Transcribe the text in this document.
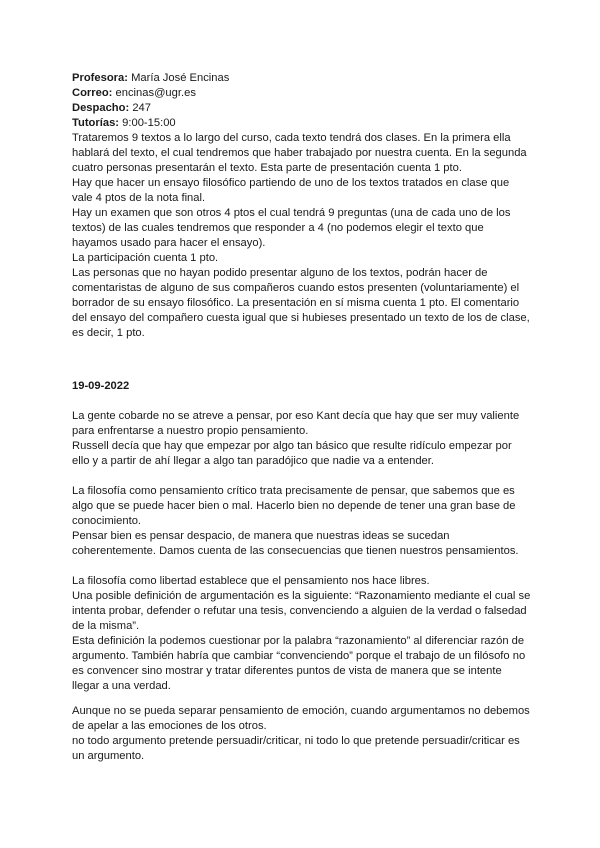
Profesora: María José Encinas

Correo: encinas@ugr.es

Despacho: 247

Tutorías: 9:00-15:00

Trataremos 9 textos a lo largo del curso, cada texto tendrá dos clases. En la primera ella hablará del texto, el cual tendremos que haber trabajado por nuestra cuenta. En la segunda cuatro personas presentarán el texto. Esta parte de presentación cuenta 1 pto.

Hay que hacer un ensayo filosófico partiendo de uno de los textos tratados en clase que vale 4 ptos de la nota final.

Hay un examen que son otros 4 ptos el cual tendrá 9 preguntas (una de cada uno de los textos) de las cuales tendremos que responder a 4 (no podemos elegir el texto que hayamos usado para hacer el ensayo).

La participación cuenta 1 pto.

Las personas que no hayan podido presentar alguno de los textos, podrán hacer de comentaristas de alguno de sus compañeros cuando estos presenten (voluntariamente) el borrador de su ensayo filosófico. La presentación en sí misma cuenta 1 pto. El comentario del ensayo del compañero cuesta igual que si hubieses presentado un texto de los de clase, es decir, 1 pto.

19-09-2022

La gente cobarde no se atreve a pensar, por eso Kant decía que hay que ser muy valiente para enfrentarse a nuestro propio pensamiento.

Russell decía que hay que empezar por algo tan básico que resulte ridículo empezar por ello y a partir de ahí llegar a algo tan paradójico que nadie va a entender.

La filosofía como pensamiento crítico trata precisamente de pensar, que sabemos que es algo que se puede hacer bien o mal. Hacerlo bien no depende de tener una gran base de conocimiento.

Pensar bien es pensar despacio, de manera que nuestras ideas se sucedan coherentemente. Damos cuenta de las consecuencias que tienen nuestros pensamientos.

La filosofía como libertad establece que el pensamiento nos hace libres.

Una posible definición de argumentación es la siguiente: “Razonamiento mediante el cual se intenta probar, defender o refutar una tesis, convenciendo a alguien de la verdad o falsedad de la misma”.

Esta definición la podemos cuestionar por la palabra “razonamiento” al diferenciar razón de argumento. También habría que cambiar “convenciendo” porque el trabajo de un filósofo no es convencer sino mostrar y tratar diferentes puntos de vista de manera que se intente llegar a una verdad.

Aunque no se pueda separar pensamiento de emoción, cuando argumentamos no debemos de apelar a las emociones de los otros.

no todo argumento pretende persuadir/criticar, ni todo lo que pretende persuadir/criticar es un argumento.
